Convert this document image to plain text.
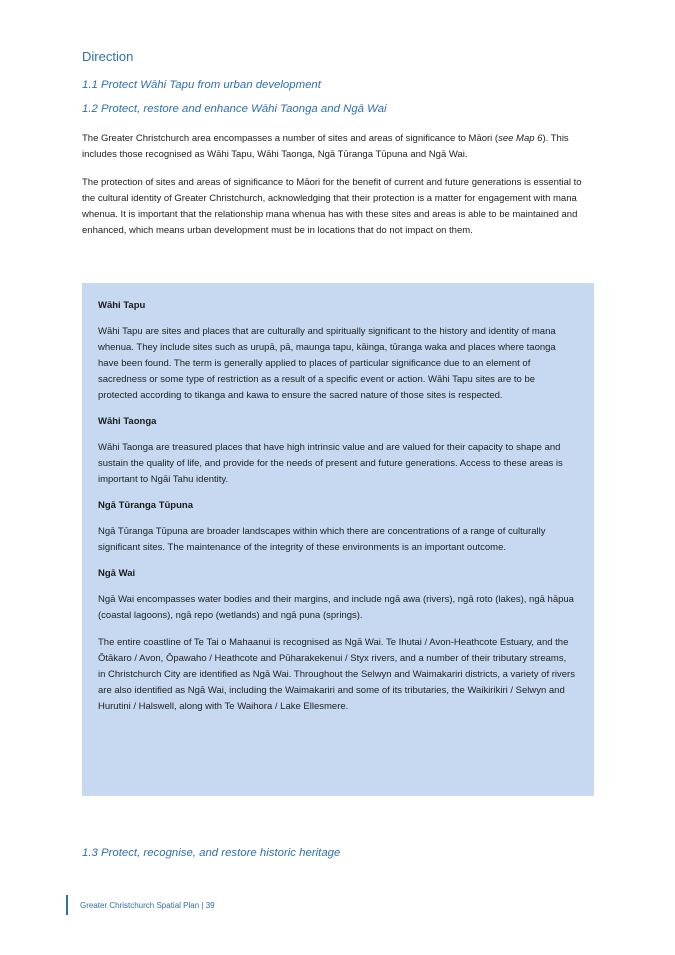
Direction
1.1 Protect Wāhi Tapu from urban development
1.2 Protect, restore and enhance Wāhi Taonga and Ngā Wai

The Greater Christchurch area encompasses a number of sites and areas of significance to Māori (see Map 6). This includes those recognised as Wāhi Tapu, Wāhi Taonga, Ngā Tūranga Tūpuna and Ngā Wai.

The protection of sites and areas of significance to Māori for the benefit of current and future generations is essential to the cultural identity of Greater Christchurch, acknowledging that their protection is a matter for engagement with mana whenua. It is important that the relationship mana whenua has with these sites and areas is able to be maintained and enhanced, which means urban development must be in locations that do not impact on them.

Wāhi Tapu

Wāhi Tapu are sites and places that are culturally and spiritually significant to the history and identity of mana whenua. They include sites such as urupā, pā, maunga tapu, kāinga, tūranga waka and places where taonga have been found. The term is generally applied to places of particular significance due to an element of sacredness or some type of restriction as a result of a specific event or action. Wāhi Tapu sites are to be protected according to tikanga and kawa to ensure the sacred nature of those sites is respected.

Wāhi Taonga

Wāhi Taonga are treasured places that have high intrinsic value and are valued for their capacity to shape and sustain the quality of life, and provide for the needs of present and future generations. Access to these areas is important to Ngāi Tahu identity.

Ngā Tūranga Tūpuna

Ngā Tūranga Tūpuna are broader landscapes within which there are concentrations of a range of culturally significant sites. The maintenance of the integrity of these environments is an important outcome.

Ngā Wai

Ngā Wai encompasses water bodies and their margins, and include ngā awa (rivers), ngā roto (lakes), ngā hāpua (coastal lagoons), ngā repo (wetlands) and ngā puna (springs).

The entire coastline of Te Tai o Mahaanui is recognised as Ngā Wai. Te Ihutai / Avon-Heathcote Estuary, and the Ōtākaro / Avon, Ōpawaho / Heathcote and Pūharakekenui / Styx rivers, and a number of their tributary streams, in Christchurch City are identified as Ngā Wai. Throughout the Selwyn and Waimakariri districts, a variety of rivers are also identified as Ngā Wai, including the Waimakariri and some of its tributaries, the Waikirikiri / Selwyn and Hurutini / Halswell, along with Te Waihora / Lake Ellesmere.

1.3 Protect, recognise, and restore historic heritage
Greater Christchurch Spatial Plan | 39
